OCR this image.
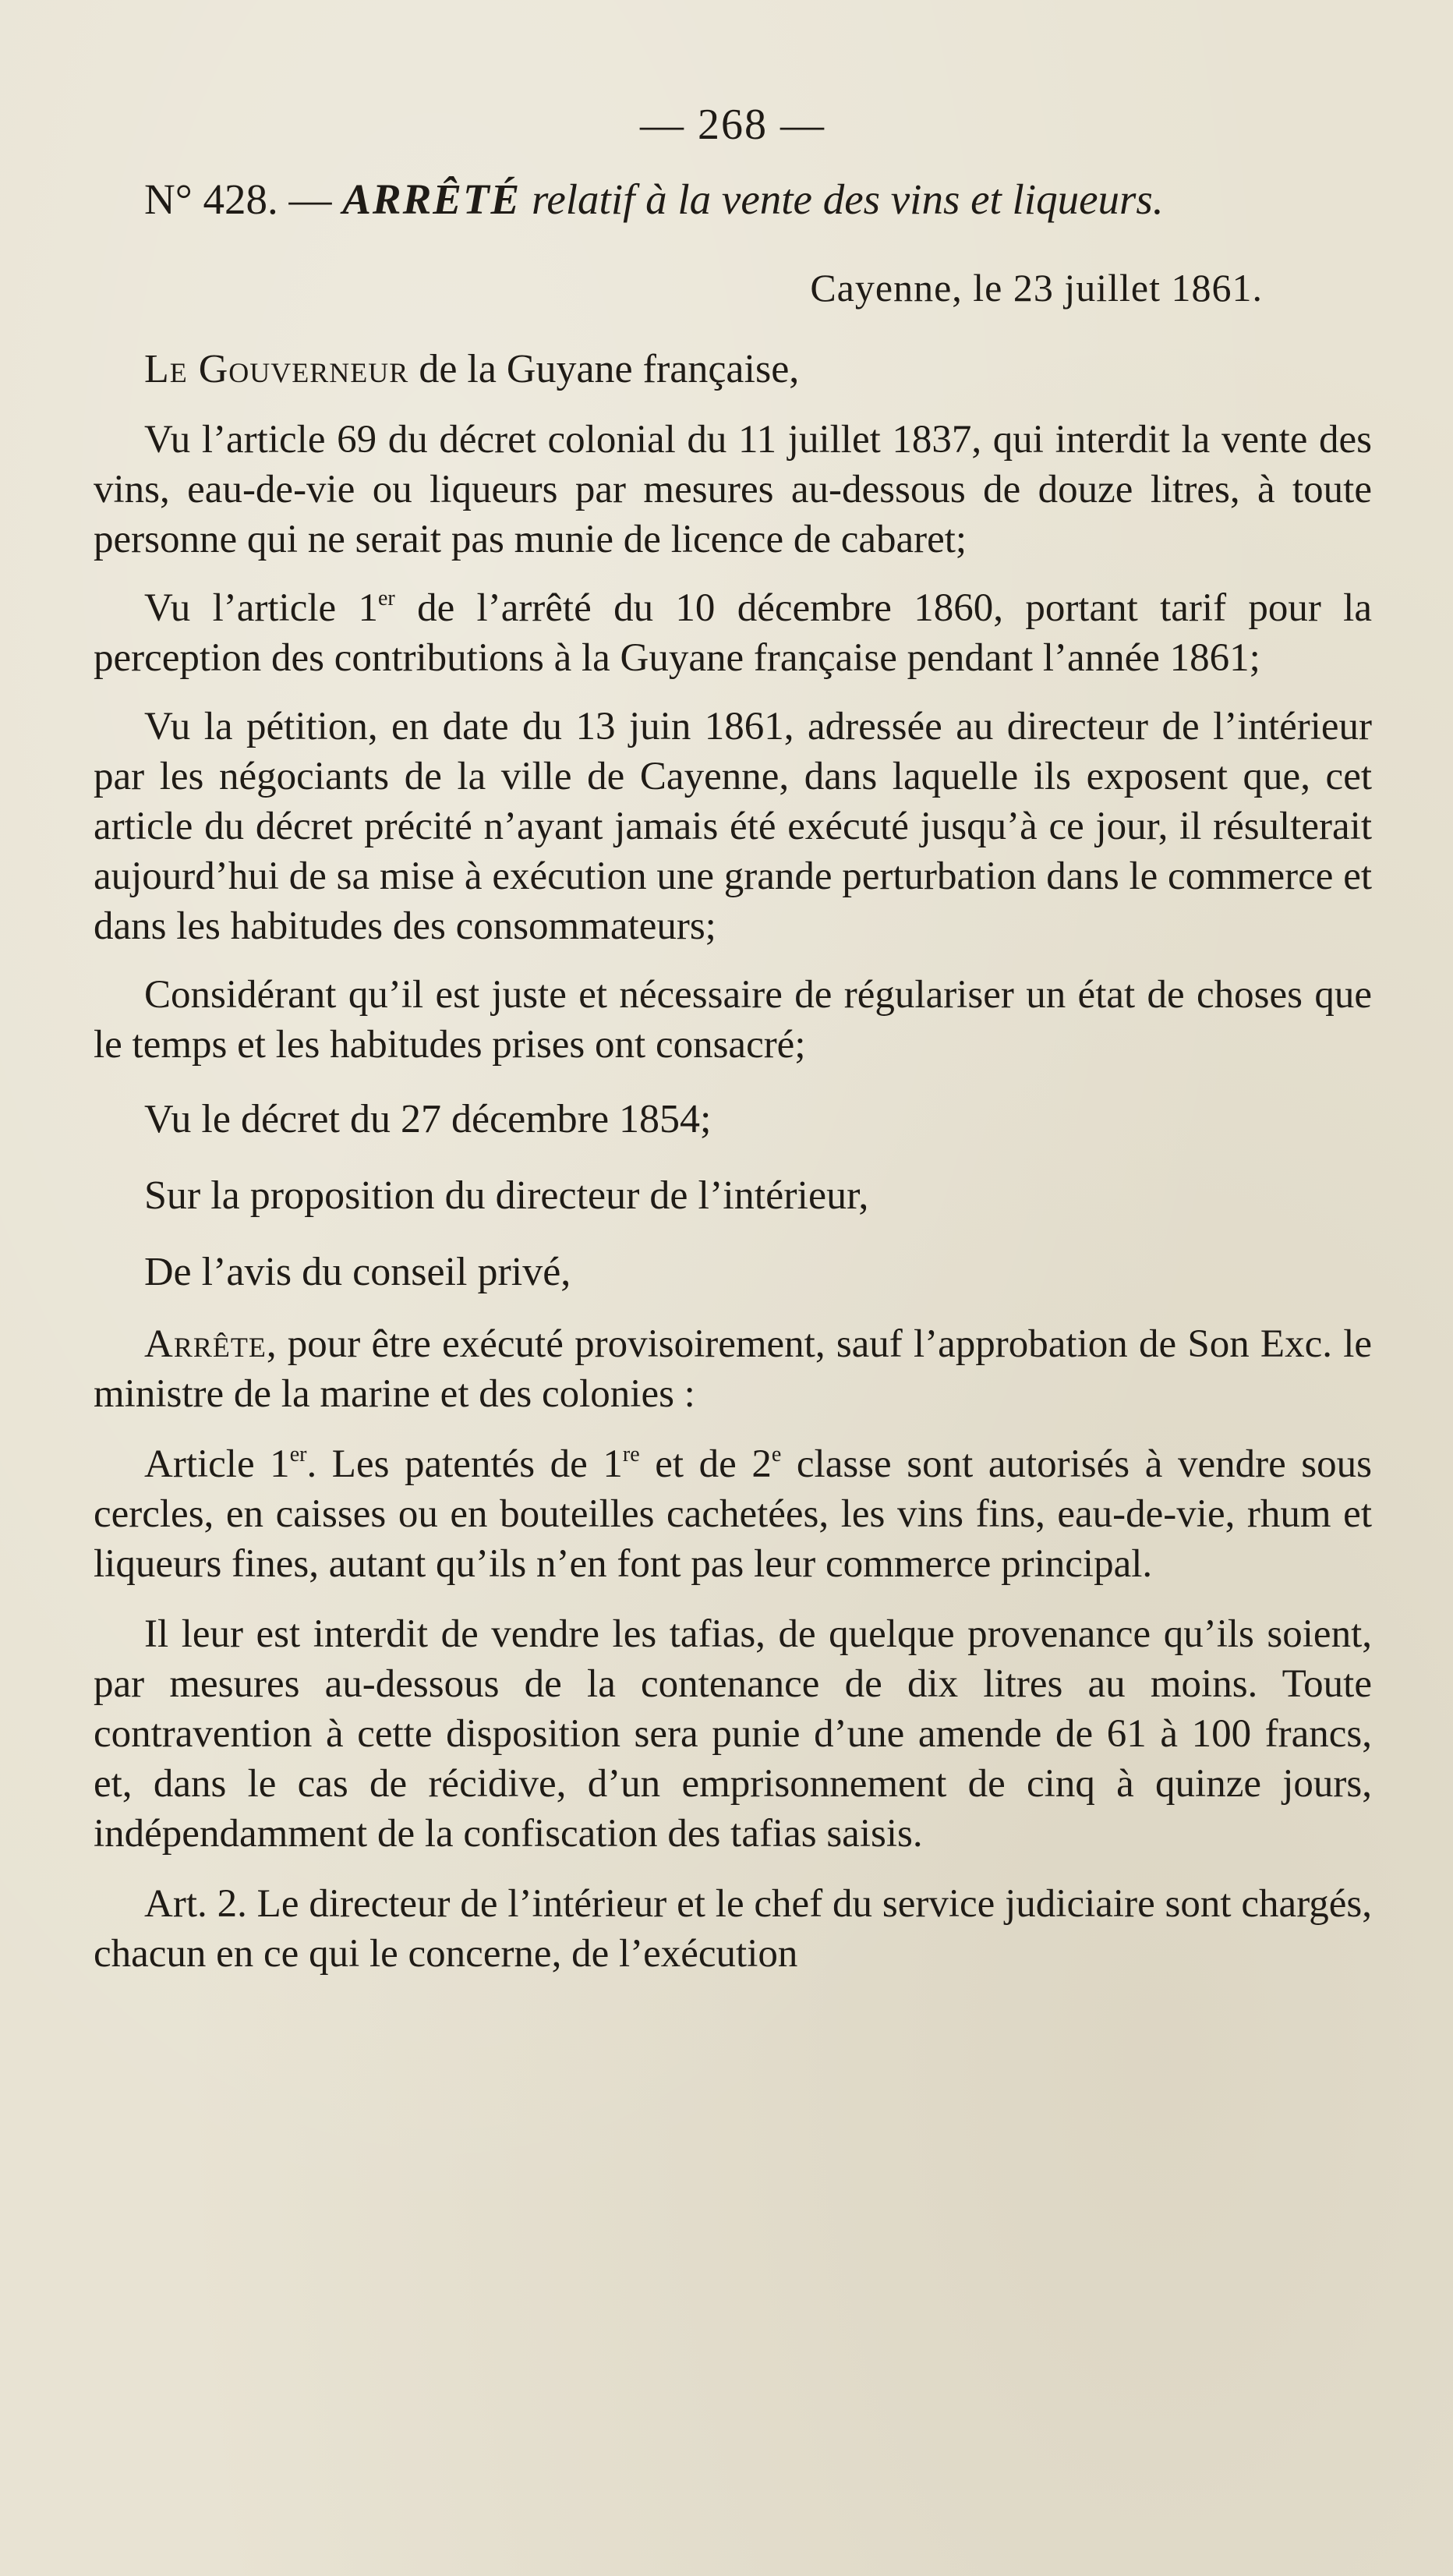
— 268 —

N° 428. — ARRÊTÉ relatif à la vente des vins et liqueurs.

Cayenne, le 23 juillet 1861.

Le Gouverneur de la Guyane française,

Vu l’article 69 du décret colonial du 11 juillet 1837, qui interdit la vente des vins, eau-de-vie ou liqueurs par mesures au-dessous de douze litres, à toute personne qui ne serait pas munie de licence de cabaret;

Vu l’article 1er de l’arrêté du 10 décembre 1860, portant tarif pour la perception des contributions à la Guyane française pendant l’année 1861;

Vu la pétition, en date du 13 juin 1861, adressée au directeur de l’intérieur par les négociants de la ville de Cayenne, dans laquelle ils exposent que, cet article du décret précité n’ayant jamais été exécuté jusqu’à ce jour, il résulterait aujourd’hui de sa mise à exécution une grande perturbation dans le commerce et dans les habitudes des consommateurs;

Considérant qu’il est juste et nécessaire de régulariser un état de choses que le temps et les habitudes prises ont consacré;

Vu le décret du 27 décembre 1854;

Sur la proposition du directeur de l’intérieur,

De l’avis du conseil privé,

Arrête, pour être exécuté provisoirement, sauf l’approbation de Son Exc. le ministre de la marine et des colonies :

Article 1er. Les patentés de 1re et de 2e classe sont autorisés à vendre sous cercles, en caisses ou en bouteilles cachetées, les vins fins, eau-de-vie, rhum et liqueurs fines, autant qu’ils n’en font pas leur commerce principal.

Il leur est interdit de vendre les tafias, de quelque provenance qu’ils soient, par mesures au-dessous de la contenance de dix litres au moins. Toute contravention à cette disposition sera punie d’une amende de 61 à 100 francs, et, dans le cas de récidive, d’un emprisonnement de cinq à quinze jours, indépendamment de la confiscation des tafias saisis.

Art. 2. Le directeur de l’intérieur et le chef du service judiciaire sont chargés, chacun en ce qui le concerne, de l’exécution
